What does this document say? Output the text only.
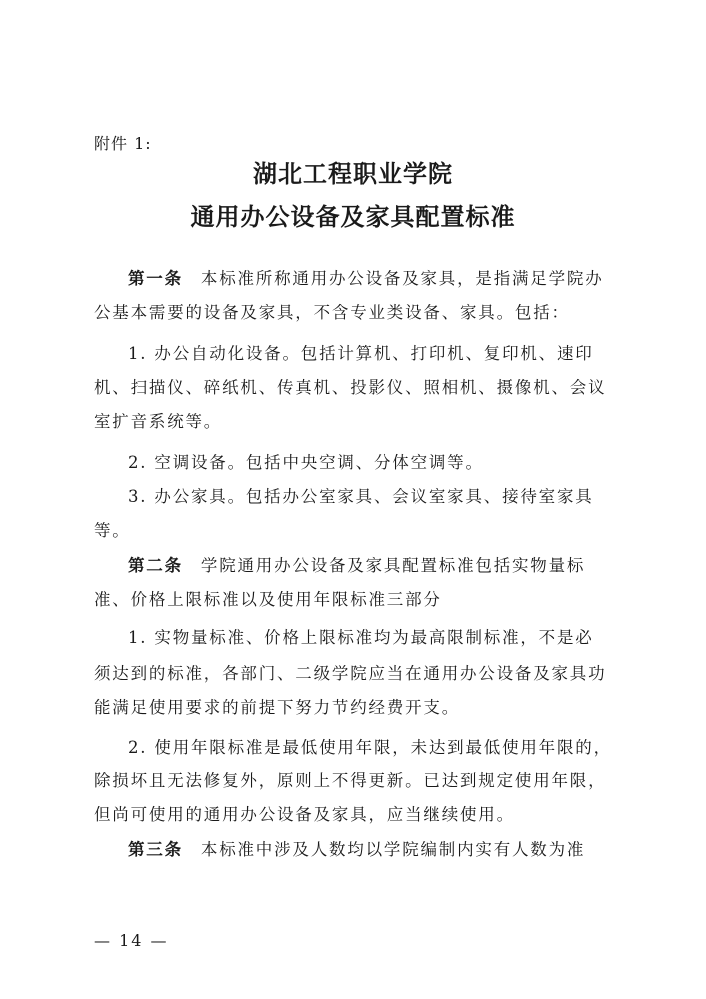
附件 1:
湖北工程职业学院
通用办公设备及家具配置标准
第一条 本标准所称通用办公设备及家具，是指满足学院办
公基本需要的设备及家具，不含专业类设备、家具。包括：
1. 办公自动化设备。包括计算机、打印机、复印机、速印
机、扫描仪、碎纸机、传真机、投影仪、照相机、摄像机、会议
室扩音系统等。
2. 空调设备。包括中央空调、分体空调等。
3. 办公家具。包括办公室家具、会议室家具、接待室家具
等。
第二条 学院通用办公设备及家具配置标准包括实物量标
准、价格上限标准以及使用年限标准三部分
1. 实物量标准、价格上限标准均为最高限制标准，不是必
须达到的标准，各部门、二级学院应当在通用办公设备及家具功
能满足使用要求的前提下努力节约经费开支。
2. 使用年限标准是最低使用年限，未达到最低使用年限的，
除损坏且无法修复外，原则上不得更新。已达到规定使用年限，
但尚可使用的通用办公设备及家具，应当继续使用。
第三条 本标准中涉及人数均以学院编制内实有人数为准
— 14 —
